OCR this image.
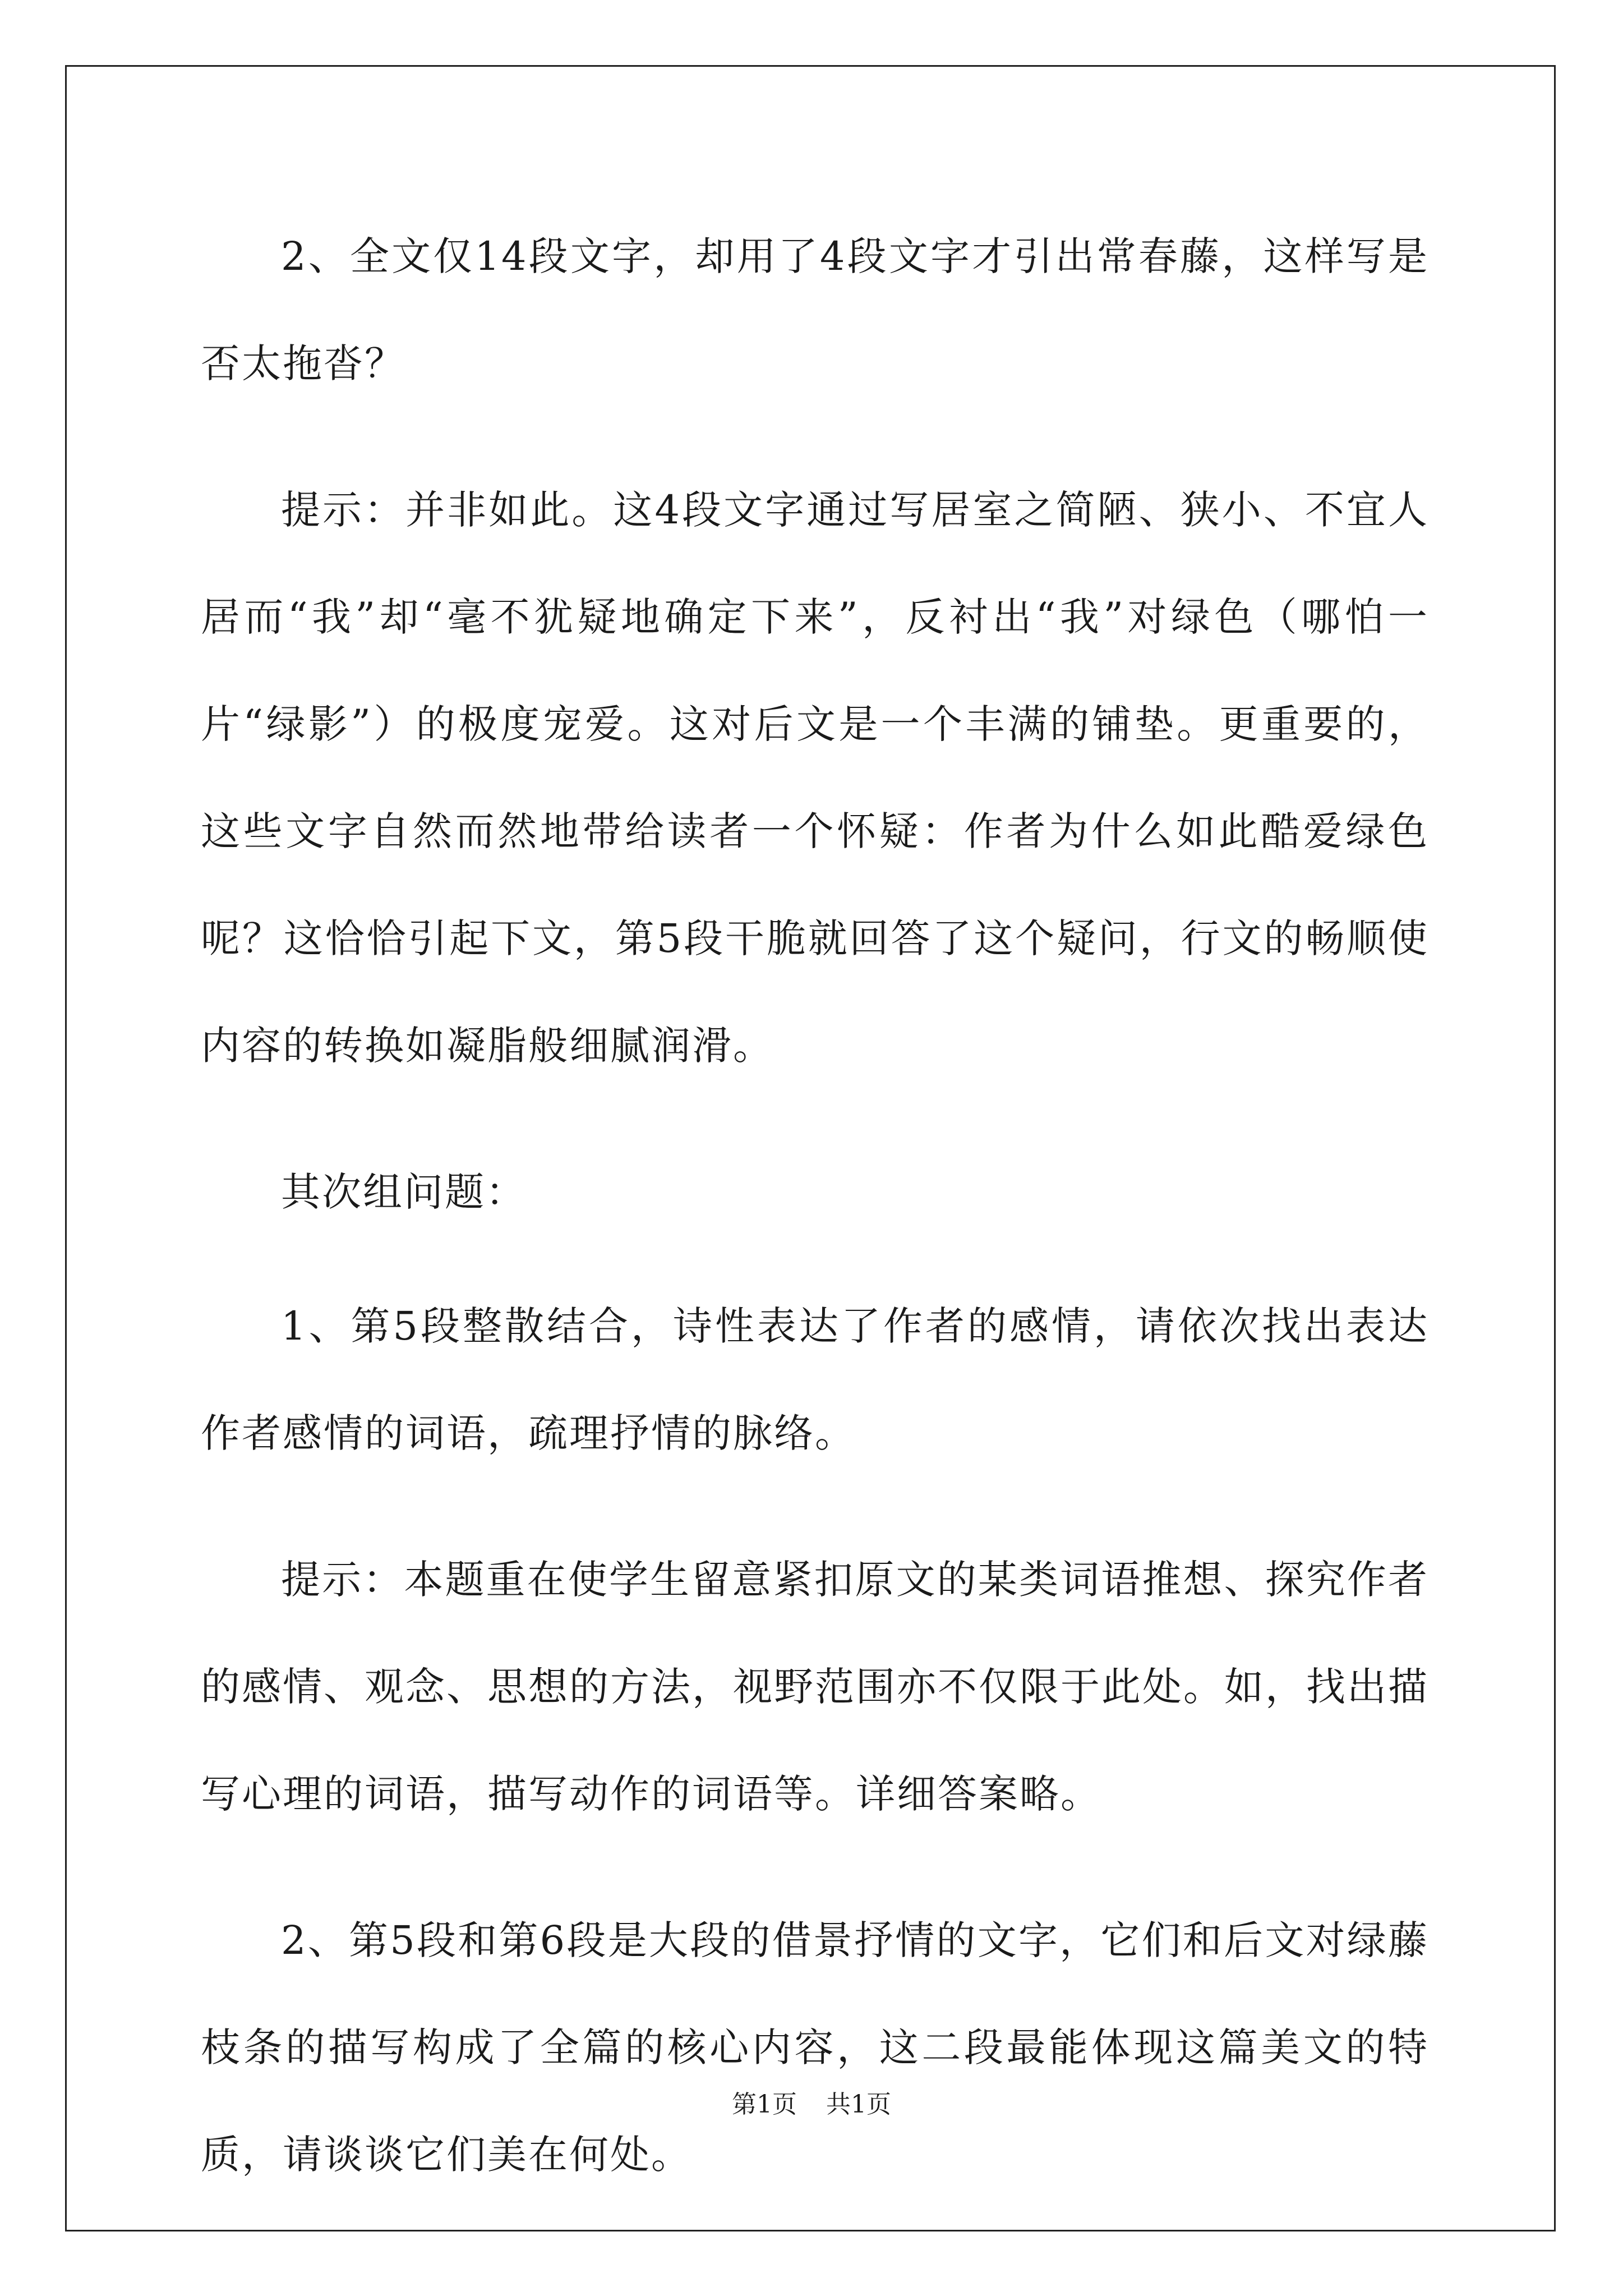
2、全文仅14段文字，却用了4段文字才引出常春藤，这样写是否太拖沓？

提示：并非如此。这4段文字通过写居室之简陋、狭小、不宜人居而“我”却“毫不犹疑地确定下来”，反衬出“我”对绿色（哪怕一片“绿影”）的极度宠爱。这对后文是一个丰满的铺垫。更重要的，这些文字自然而然地带给读者一个怀疑：作者为什么如此酷爱绿色呢？这恰恰引起下文，第5段干脆就回答了这个疑问，行文的畅顺使内容的转换如凝脂般细腻润滑。

其次组问题：

1、第5段整散结合，诗性表达了作者的感情，请依次找出表达作者感情的词语，疏理抒情的脉络。

提示：本题重在使学生留意紧扣原文的某类词语推想、探究作者的感情、观念、思想的方法，视野范围亦不仅限于此处。如，找出描写心理的词语，描写动作的词语等。详细答案略。

2、第5段和第6段是大段的借景抒情的文字，它们和后文对绿藤枝条的描写构成了全篇的核心内容，这二段最能体现这篇美文的特质，请谈谈它们美在何处。

第1页 共1页
